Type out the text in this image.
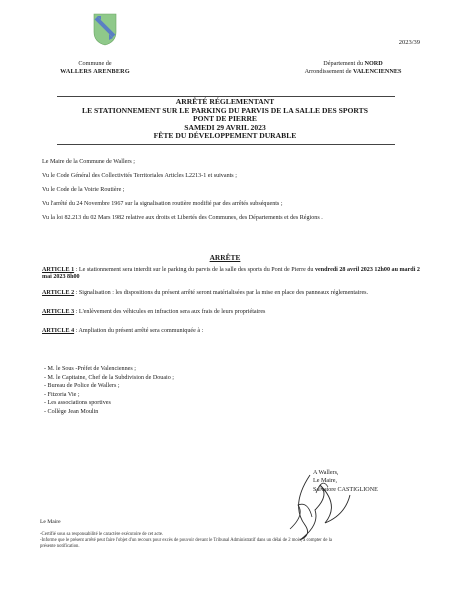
2023/39
Commune de
WALLERS ARENBERG
Département du NORD
Arrondissement de VALENCIENNES
ARRÊTÉ RÉGLEMENTANT
LE STATIONNEMENT SUR LE PARKING DU PARVIS DE LA SALLE DES SPORTS
PONT DE PIERRE
SAMEDI 29 AVRIL 2023
FÊTE DU DÉVELOPPEMENT DURABLE

Le Maire de la Commune de Wallers ;

Vu le Code Général des Collectivités Territoriales Articles L2213-1 et suivants ;

Vu le Code de la Voirie Routière ;

Vu l'arrêté du 24 Novembre 1967 sur la signalisation routière modifié par des arrêtés subséquents ;

Vu la loi 82.213 du 02 Mars 1982 relative aux droits et Libertés des Communes, des Départements et des Régions .

ARRÊTE

ARTICLE 1 : Le stationnement sera interdit sur le parking du parvis de la salle des sports du Pont de Pierre du vendredi 28 avril 2023 12h00 au mardi 2 mai 2023 8h00

ARTICLE 2 : Signalisation : les dispositions du présent arrêté seront matérialisées par la mise en place des panneaux réglementaires.

ARTICLE 3 : L'enlèvement des véhicules en infraction sera aux frais de leurs propriétaires

ARTICLE 4 : Ampliation du présent arrêté sera communiquée à :

- M. le Sous -Préfet de Valenciennes ;
- M. le Capitaine, Chef de la Subdivision de Douaio ;
- Bureau de Police de Wallers ;
- Fitzoria Vie ;
- Les associations sportives
- Collège Jean Moulin
A Wallers,
Le Maire,
Salvatore CASTIGLIONE
Le Maire

-Certifié sous sa responsabilité le caractère exécutoire de cet acte.

-Informe que le présent arrêté peut faire l'objet d'un recours pour excès de pouvoir devant le Tribunal Administratif dans un délai de 2 mois, à compter de la

présente notification.
